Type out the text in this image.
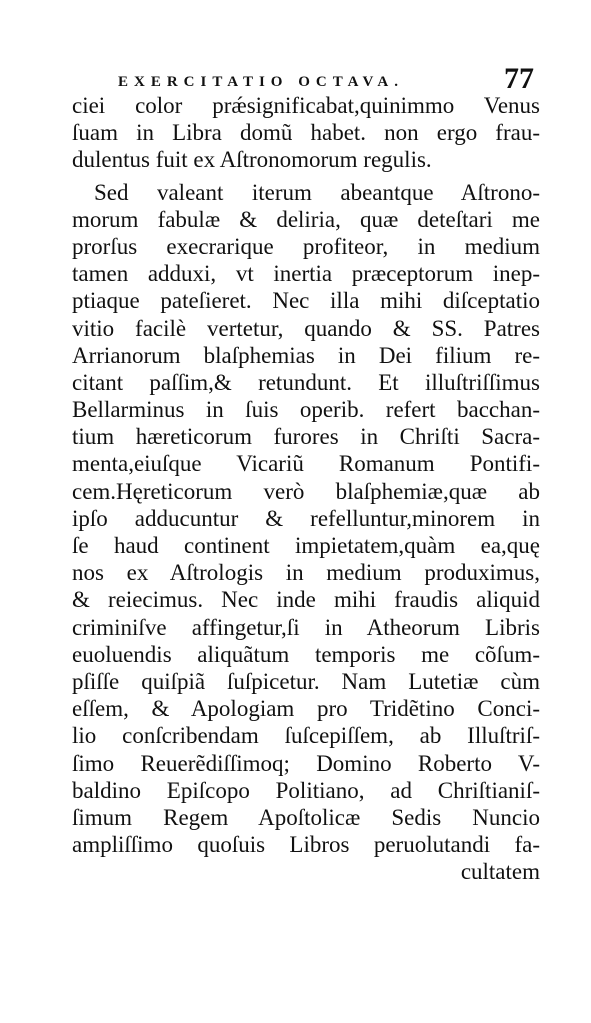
EXERCITATIO OCTAVA.	77
ciei color prǽsignificabat,quinimmo Venus
ſuam in Libra domũ habet. non ergo frau-
dulentus fuit ex Aſtronomorum regulis.
Sed valeant iterum abeantque Aſtrono-
morum fabulæ & deliria, quæ deteſtari me
prorſus execrarique profiteor, in medium
tamen adduxi, vt inertia præceptorum inep-
ptiaque pateſieret. Nec illa mihi diſceptatio
vitio facilè vertetur, quando & SS. Patres
Arrianorum blaſphemias in Dei filium re-
citant paſſim,& retundunt. Et illuſtriſſimus
Bellarminus in ſuis operib. refert bacchan-
tium hæreticorum furores in Chriſti Sacra-
menta,eiuſque Vicariũ Romanum Pontifi-
cem.Hęreticorum verò blaſphemiæ,quæ ab
ipſo adducuntur & refelluntur,minorem in
ſe haud continent impietatem,quàm ea,quę
nos ex Aſtrologis in medium produximus,
& reiecimus. Nec inde mihi fraudis aliquid
criminiſve affingetur,ſi in Atheorum Libris
euoluendis aliquãtum temporis me cõſum-
pſiſſe quiſpiã ſuſpicetur. Nam Lutetiæ cùm
eſſem, & Apologiam pro Tridẽtino Conci-
lio conſcribendam ſuſcepiſſem, ab Illuſtriſ-
ſimo Reuerẽdiſſimoq; Domino Roberto V-
baldino Epiſcopo Politiano, ad Chriſtianiſ-
ſimum Regem Apoſtolicæ Sedis Nuncio
ampliſſimo quoſuis Libros peruolutandi fa-
cultatem
